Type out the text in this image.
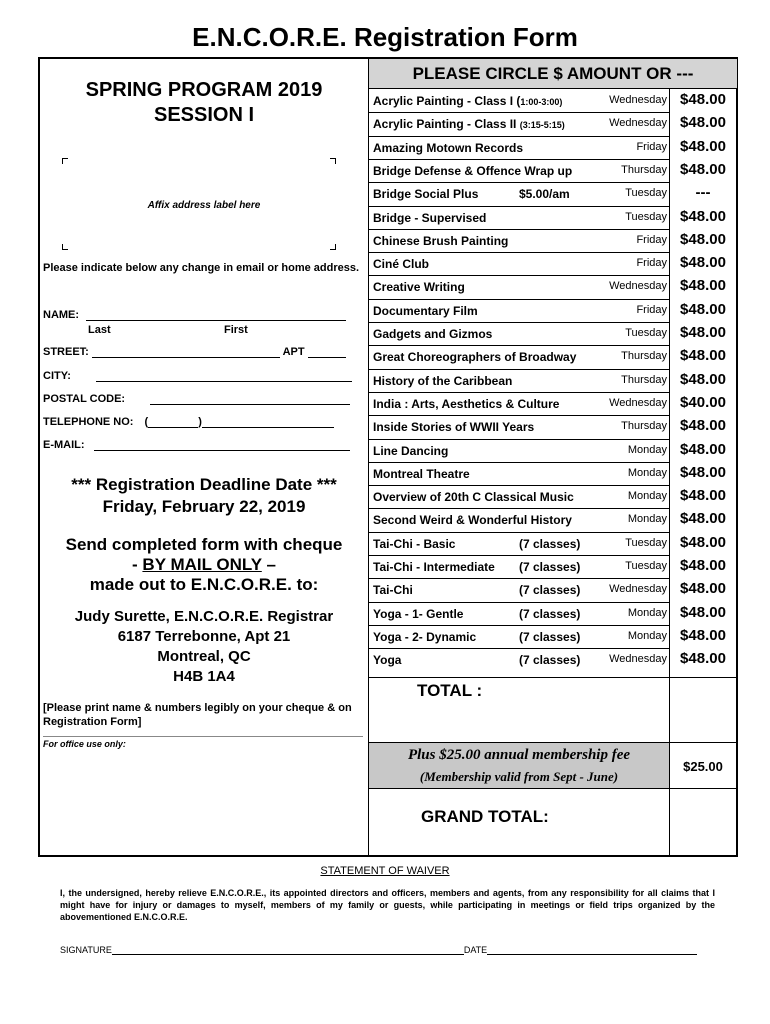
E.N.C.O.R.E. Registration Form
SPRING PROGRAM 2019
SESSION I
Affix address label here
Please indicate below any change in email or home address.
NAME:
Last	First
STREET:	APT
CITY:
POSTAL CODE:
TELEPHONE NO: (	)
E-MAIL:
*** Registration Deadline Date ***
Friday, February 22, 2019
Send completed form with cheque
- BY MAIL ONLY –
made out to E.N.C.O.R.E. to:
Judy Surette, E.N.C.O.R.E. Registrar
6187 Terrebonne, Apt 21
Montreal, QC
H4B 1A4
[Please print name & numbers legibly on your cheque & on Registration Form]
For office use only:
PLEASE CIRCLE $ AMOUNT OR ---
Acrylic Painting - Class I (1:00-3:00)	Wednesday $48.00
Acrylic Painting - Class II (3:15-5:15)	Wednesday $48.00
Amazing Motown Records	Friday $48.00
Bridge Defense & Offence Wrap up	Thursday $48.00
Bridge Social Plus	$5.00/am	Tuesday	---
Bridge - Supervised	Tuesday $48.00
Chinese Brush Painting	Friday $48.00
Ciné Club	Friday $48.00
Creative Writing	Wednesday $48.00
Documentary Film	Friday $48.00
Gadgets and Gizmos	Tuesday $48.00
Great Choreographers of Broadway	Thursday $48.00
History of the Caribbean	Thursday $48.00
India : Arts, Aesthetics & Culture	Wednesday $40.00
Inside Stories of WWII Years	Thursday $48.00
Line Dancing	Monday $48.00
Montreal Theatre	Monday $48.00
Overview of 20th C Classical Music	Monday $48.00
Second Weird & Wonderful History	Monday $48.00
Tai-Chi - Basic	(7 classes)	Tuesday $48.00
Tai-Chi - Intermediate (7 classes)	Tuesday $48.00
Tai-Chi	(7 classes)	Wednesday $48.00
Yoga - 1- Gentle	(7 classes)	Monday $48.00
Yoga - 2- Dynamic	(7 classes)	Monday $48.00
Yoga	(7 classes)	Wednesday $48.00
TOTAL :
Plus $25.00 annual membership fee
(Membership valid from Sept - June)
$25.00
GRAND TOTAL:
STATEMENT OF WAIVER
I, the undersigned, hereby relieve E.N.C.O.R.E., its appointed directors and officers, members and agents, from any responsibility for all claims that I might have for injury or damages to myself, members of my family or guests, while participating in meetings or field trips organized by the abovementioned E.N.C.O.R.E.
SIGNATURE	DATE
